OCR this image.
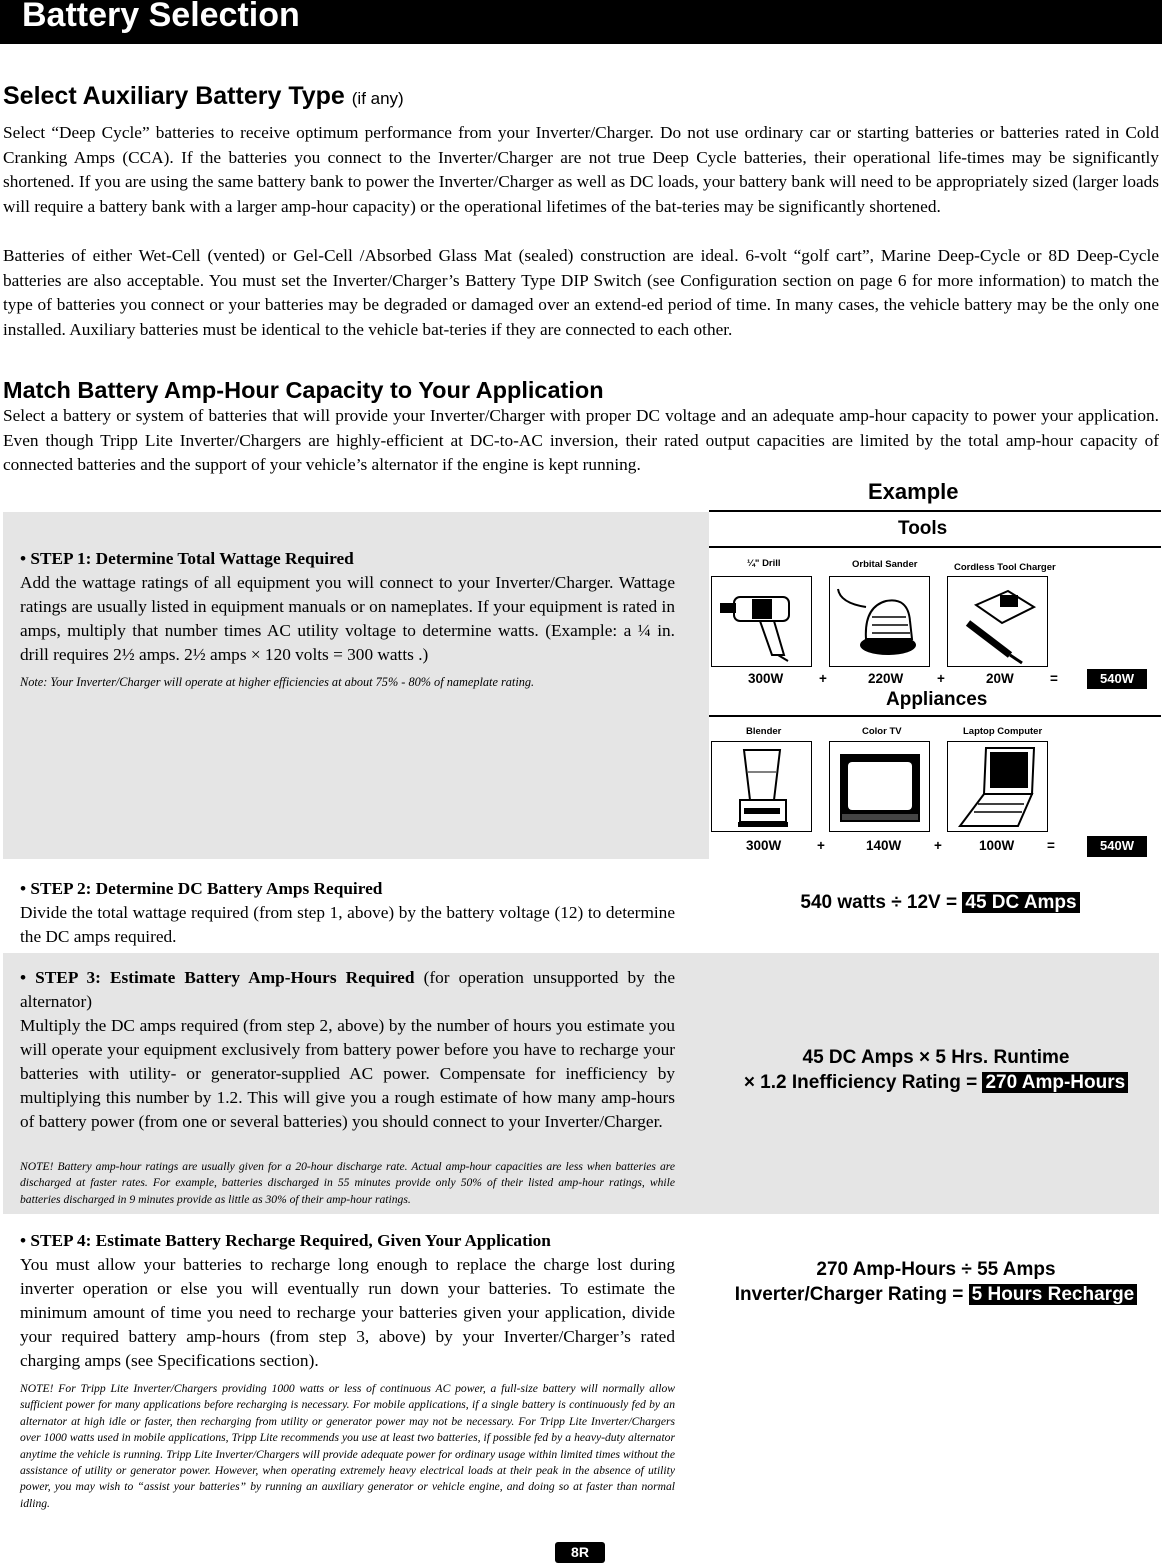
Battery Selection
Select Auxiliary Battery Type (if any)
Select “Deep Cycle” batteries to receive optimum performance from your Inverter/Charger. Do not use ordinary car or starting batteries or batteries rated in Cold Cranking Amps (CCA). If the batteries you connect to the Inverter/Charger are not true Deep Cycle batteries, their operational life-times may be significantly shortened. If you are using the same battery bank to power the Inverter/Charger as well as DC loads, your battery bank will need to be appropriately sized (larger loads will require a battery bank with a larger amp-hour capacity) or the operational lifetimes of the bat-teries may be significantly shortened.
Batteries of either Wet-Cell (vented) or Gel-Cell /Absorbed Glass Mat (sealed) construction are ideal. 6-volt “golf cart”, Marine Deep-Cycle or 8D Deep-Cycle batteries are also acceptable. You must set the Inverter/Charger’s Battery Type DIP Switch (see Configuration section on page 6 for more information) to match the type of batteries you connect or your batteries may be degraded or damaged over an extend-ed period of time. In many cases, the vehicle battery may be the only one installed. Auxiliary batteries must be identical to the vehicle bat-teries if they are connected to each other.
Match Battery Amp-Hour Capacity to Your Application
Select a battery or system of batteries that will provide your Inverter/Charger with proper DC voltage and an adequate amp-hour capacity to power your application. Even though Tripp Lite Inverter/Chargers are highly-efficient at DC-to-AC inversion, their rated output capacities are limited by the total amp-hour capacity of connected batteries and the support of your vehicle’s alternator if the engine is kept running.
Example
Tools
¼" Drill	Orbital Sander	Cordless Tool Charger
300W	+	220W +	20W	=	540W
Appliances
Blender	Color TV	Laptop Computer
300W	+	140W +	100W =	540W
• STEP 1: Determine Total Wattage Required
Add the wattage ratings of all equipment you will connect to your Inverter/Charger. Wattage ratings are usually listed in equipment manuals or on nameplates. If your equipment is rated in amps, multiply that number times AC utility voltage to determine watts. (Example: a ¼ in. drill requires 2½ amps. 2½ amps × 120 volts = 300 watts .)
Note: Your Inverter/Charger will operate at higher efficiencies at about 75% - 80% of nameplate rating.
• STEP 2: Determine DC Battery Amps Required
Divide the total wattage required (from step 1, above) by the battery voltage (12) to determine the DC amps required.
540 watts ÷ 12V = 45 DC Amps
• STEP 3: Estimate Battery Amp-Hours Required (for operation unsupported by the alternator)
Multiply the DC amps required (from step 2, above) by the number of hours you estimate you will operate your equipment exclusively from battery power before you have to recharge your batteries with utility- or generator-supplied AC power. Compensate for inefficiency by multiplying this number by 1.2. This will give you a rough estimate of how many amp-hours of battery power (from one or several batteries) you should connect to your Inverter/Charger.
NOTE! Battery amp-hour ratings are usually given for a 20-hour discharge rate. Actual amp-hour capacities are less when batteries are discharged at faster rates. For example, batteries discharged in 55 minutes provide only 50% of their listed amp-hour ratings, while batteries discharged in 9 minutes provide as little as 30% of their amp-hour ratings.
45 DC Amps × 5 Hrs. Runtime
× 1.2 Inefficiency Rating = 270 Amp-Hours
• STEP 4: Estimate Battery Recharge Required, Given Your Application
You must allow your batteries to recharge long enough to replace the charge lost during inverter operation or else you will eventually run down your batteries. To estimate the minimum amount of time you need to recharge your batteries given your application, divide your required battery amp-hours (from step 3, above) by your Inverter/Charger’s rated charging amps (see Specifications section).
NOTE! For Tripp Lite Inverter/Chargers providing 1000 watts or less of continuous AC power, a full-size battery will normally allow sufficient power for many applications before recharging is necessary. For mobile applications, if a single battery is continuously fed by an alternator at high idle or faster, then recharging from utility or generator power may not be necessary. For Tripp Lite Inverter/Chargers over 1000 watts used in mobile applications, Tripp Lite recommends you use at least two batteries, if possible fed by a heavy-duty alternator anytime the vehicle is running. Tripp Lite Inverter/Chargers will provide adequate power for ordinary usage within limited times without the assistance of utility or generator power. However, when operating extremely heavy electrical loads at their peak in the absence of utility power, you may wish to “assist your batteries” by running an auxiliary generator or vehicle engine, and doing so at faster than normal idling.
270 Amp-Hours ÷ 55 Amps
Inverter/Charger Rating = 5 Hours Recharge
8R
